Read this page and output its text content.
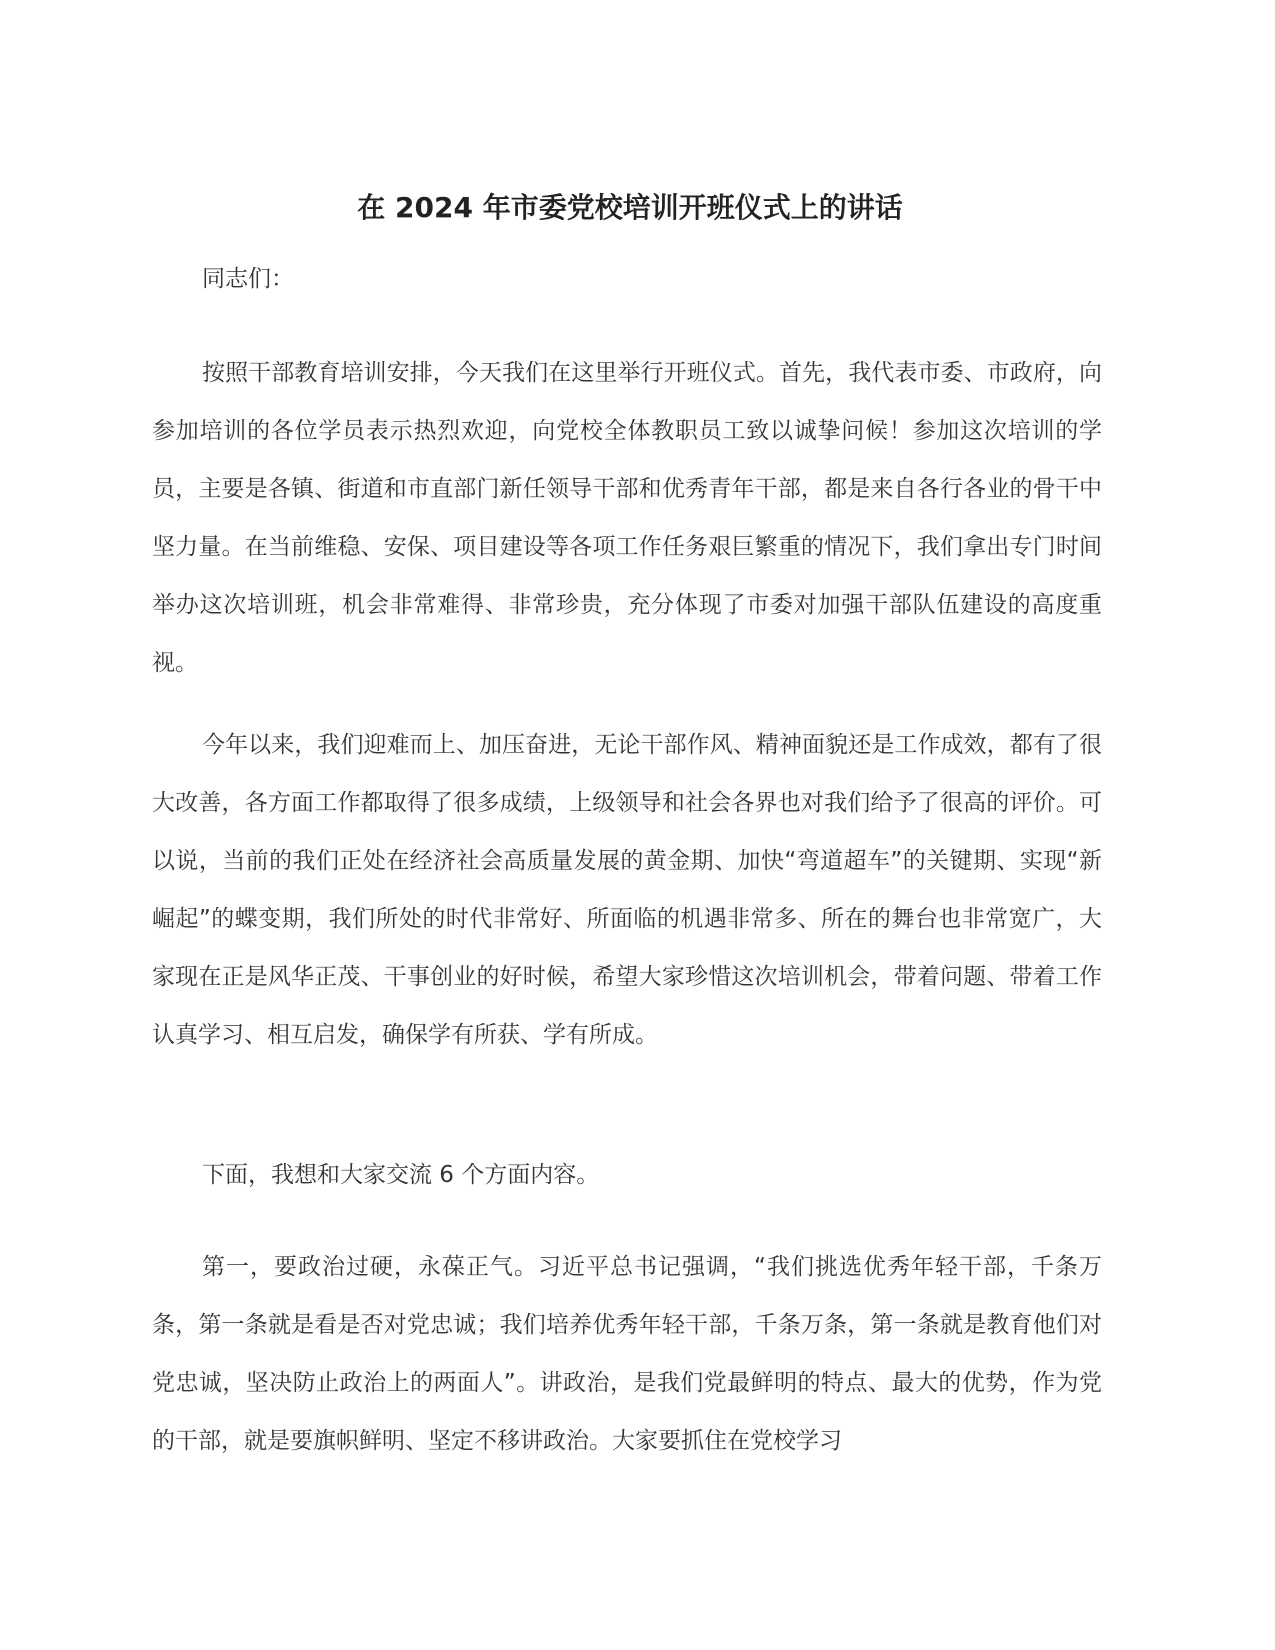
在 2024 年市委党校培训开班仪式上的讲话

同志们：

按照干部教育培训安排，今天我们在这里举行开班仪式。首先，我代表市委、市政府，向参加培训的各位学员表示热烈欢迎，向党校全体教职员工致以诚挚问候！参加这次培训的学员，主要是各镇、街道和市直部门新任领导干部和优秀青年干部，都是来自各行各业的骨干中坚力量。在当前维稳、安保、项目建设等各项工作任务艰巨繁重的情况下，我们拿出专门时间举办这次培训班，机会非常难得、非常珍贵，充分体现了市委对加强干部队伍建设的高度重视。

今年以来，我们迎难而上、加压奋进，无论干部作风、精神面貌还是工作成效，都有了很大改善，各方面工作都取得了很多成绩，上级领导和社会各界也对我们给予了很高的评价。可以说，当前的我们正处在经济社会高质量发展的黄金期、加快“弯道超车”的关键期、实现“新崛起”的蝶变期，我们所处的时代非常好、所面临的机遇非常多、所在的舞台也非常宽广，大家现在正是风华正茂、干事创业的好时候，希望大家珍惜这次培训机会，带着问题、带着工作认真学习、相互启发，确保学有所获、学有所成。

下面，我想和大家交流 6 个方面内容。

第一，要政治过硬，永葆正气。习近平总书记强调，“我们挑选优秀年轻干部，千条万条，第一条就是看是否对党忠诚；我们培养优秀年轻干部，千条万条，第一条就是教育他们对党忠诚，坚决防止政治上的两面人”。讲政治，是我们党最鲜明的特点、最大的优势，作为党的干部，就是要旗帜鲜明、坚定不移讲政治。大家要抓住在党校学习
